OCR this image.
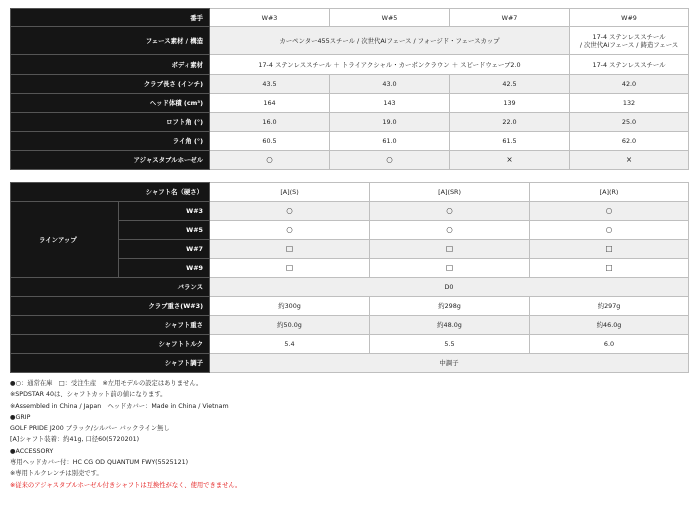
番手	W#3	W#5	W#7	W#9
フェース素材 / 構造	カーペンター455スチール / 次世代Aiフェース / フォージド・フェースカップ			17-4 ステンレススチール
/ 次世代Aiフェース / 鋳造フェース

ボディ素材	17-4 ステンレススチール ＋ トライアクシャル・カーボンクラウン ＋ スピードウェーブ2.0			17-4 ステンレススチール
クラブ長さ (インチ)	43.5	43.0	42.5	42.0
ヘッド体積 (cm³)	164	143	139	132
ロフト角 (°)	16.0	19.0	22.0	25.0
ライ角 (°)	60.5	61.0	61.5	62.0
アジャスタブルホーゼル	○	○	×	×
シャフト名（硬さ）		[A](S)	[A](SR)	[A](R)
ラインアップ	W#3	○	○	○
	W#5	○	○	○
	W#7	□	□	□
	W#9	□	□	□
バランス		D0		
クラブ重さ(W#3)		約300g	約298g	約297g
シャフト重さ		約50.0g	約48.0g	約46.0g
シャフトトルク		5.4	5.5	6.0
シャフト調子		中調子		
●○：通常在庫　□：受注生産　※左用モデルの設定はありません。
※SPDSTAR 40は、シャフトカット前の値になります。
※Assembled in China / Japan　ヘッドカバー：Made in China / Vietnam
●GRIP
GOLF PRIDE J200 ブラック/シルバー バックライン無し
[A]シャフト装着：約41g, 口径60(5720201)
●ACCESSORY
専用ヘッドカバー付：HC CG OD QUANTUM FWY(5525121)
※専用トルクレンチは別売です。
※従来のアジャスタブルホーゼル付きシャフトは互換性がなく、使用できません。
